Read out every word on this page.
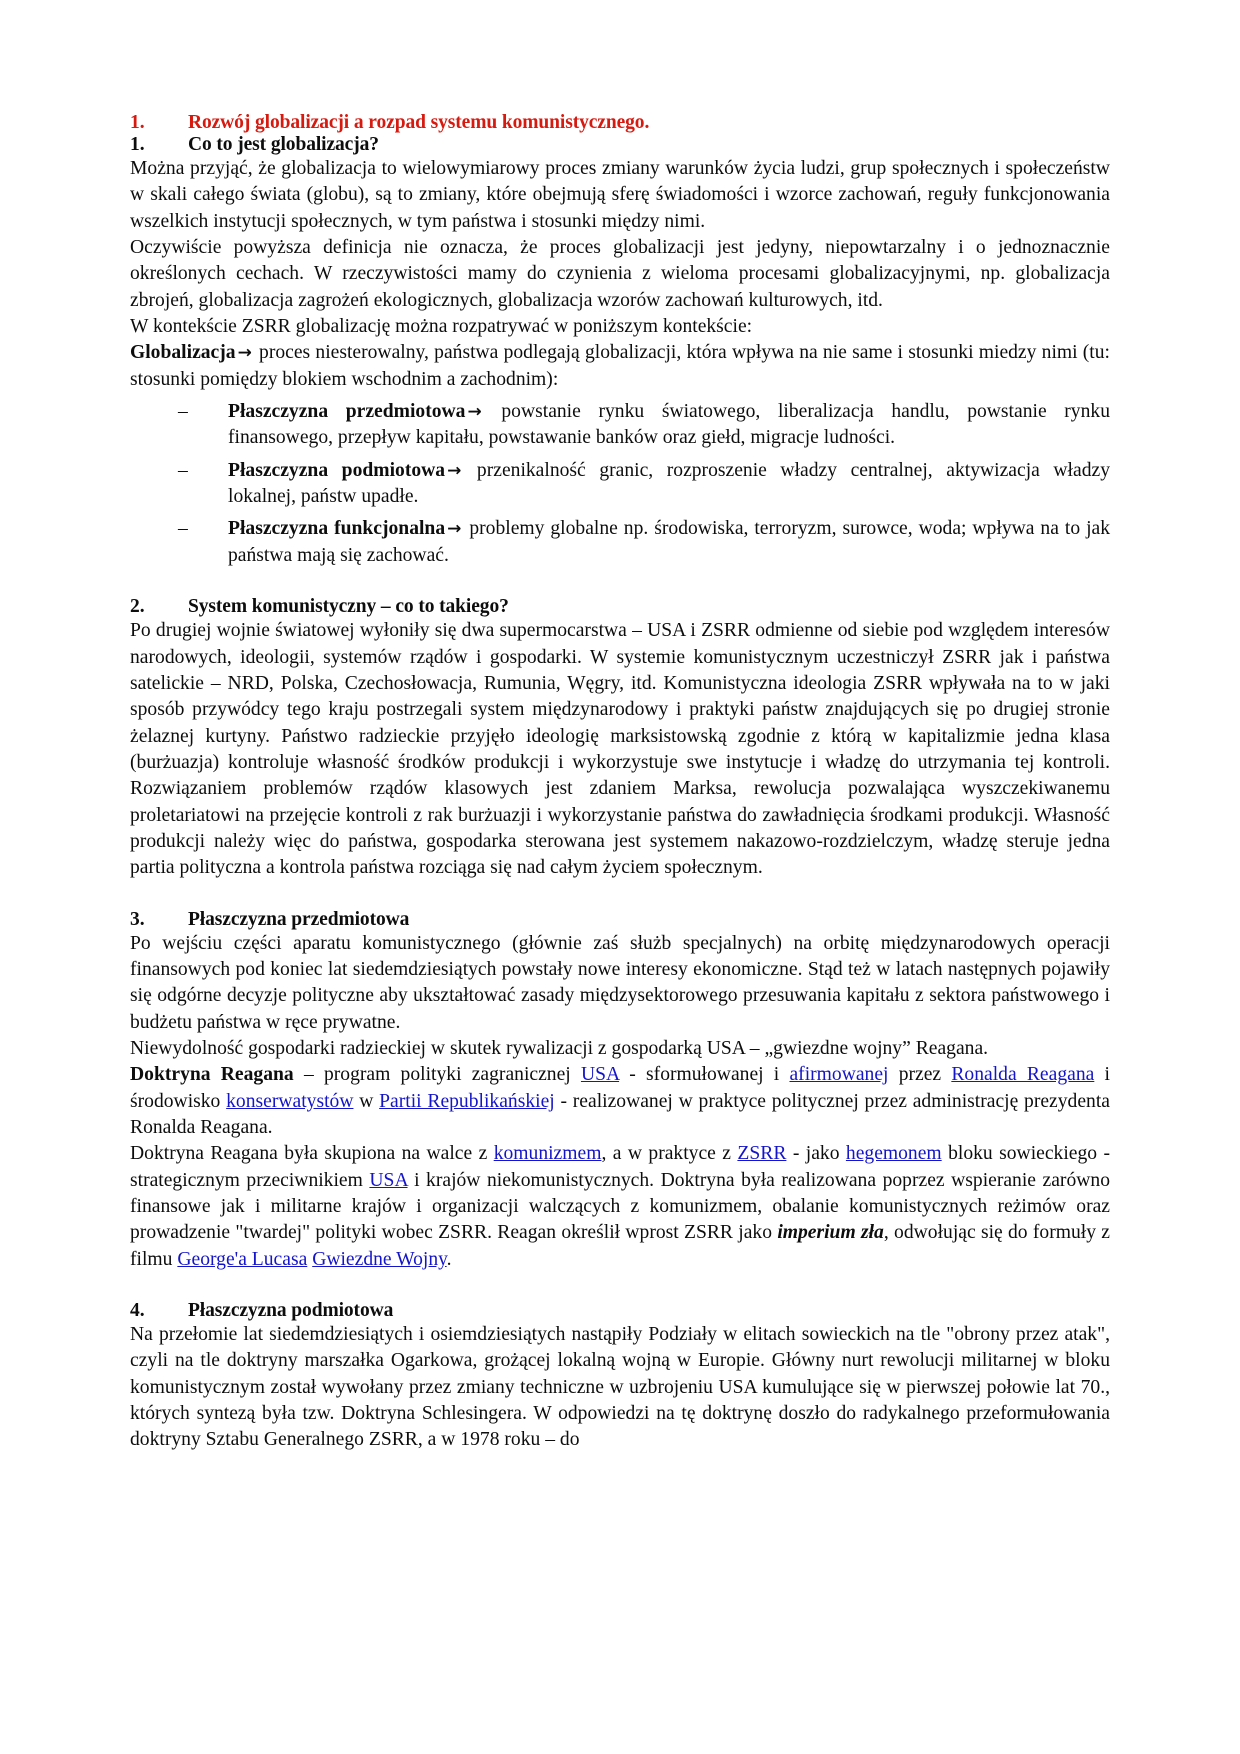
1.	Rozwój globalizacji a rozpad systemu komunistycznego.
1.	Co to jest globalizacja?

Można przyjąć, że globalizacja to wielowymiarowy proces zmiany warunków życia ludzi, grup społecznych i społeczeństw w skali całego świata (globu), są to zmiany, które obejmują sferę świadomości i wzorce zachowań, reguły funkcjonowania wszelkich instytucji społecznych, w tym państwa i stosunki między nimi.

Oczywiście powyższa definicja nie oznacza, że proces globalizacji jest jedyny, niepowtarzalny i o jednoznacznie określonych cechach. W rzeczywistości mamy do czynienia z wieloma procesami globalizacyjnymi, np. globalizacja zbrojeń, globalizacja zagrożeń ekologicznych, globalizacja wzorów zachowań kulturowych, itd.

W kontekście ZSRR globalizację można rozpatrywać w poniższym kontekście:

Globalizacja → proces niesterowalny, państwa podlegają globalizacji, która wpływa na nie same i stosunki miedzy nimi (tu: stosunki pomiędzy blokiem wschodnim a zachodnim):

– Płaszczyzna przedmiotowa → powstanie rynku światowego, liberalizacja handlu, powstanie rynku finansowego, przepływ kapitału, powstawanie banków oraz giełd, migracje ludności.
– Płaszczyzna podmiotowa → przenikalność granic, rozproszenie władzy centralnej, aktywizacja władzy lokalnej, państw upadłe.
– Płaszczyzna funkcjonalna → problemy globalne np. środowiska, terroryzm, surowce, woda; wpływa na to jak państwa mają się zachować.
2.	System komunistyczny – co to takiego?

Po drugiej wojnie światowej wyłoniły się dwa supermocarstwa – USA i ZSRR odmienne od siebie pod względem interesów narodowych, ideologii, systemów rządów i gospodarki. W systemie komunistycznym uczestniczył ZSRR jak i państwa satelickie – NRD, Polska, Czechosłowacja, Rumunia, Węgry, itd. Komunistyczna ideologia ZSRR wpływała na to w jaki sposób przywódcy tego kraju postrzegali system międzynarodowy i praktyki państw znajdujących się po drugiej stronie żelaznej kurtyny. Państwo radzieckie przyjęło ideologię marksistowską zgodnie z którą w kapitalizmie jedna klasa (burżuazja) kontroluje własność środków produkcji i wykorzystuje swe instytucje i władzę do utrzymania tej kontroli. Rozwiązaniem problemów rządów klasowych jest zdaniem Marksa, rewolucja pozwalająca wyszczekiwanemu proletariatowi na przejęcie kontroli z rak burżuazji i wykorzystanie państwa do zawładnięcia środkami produkcji. Własność produkcji należy więc do państwa, gospodarka sterowana jest systemem nakazowo-rozdzielczym, władzę steruje jedna partia polityczna a kontrola państwa rozciąga się nad całym życiem społecznym.

3.	Płaszczyzna przedmiotowa

Po wejściu części aparatu komunistycznego (głównie zaś służb specjalnych) na orbitę międzynarodowych operacji finansowych pod koniec lat siedemdziesiątych powstały nowe interesy ekonomiczne. Stąd też w latach następnych pojawiły się odgórne decyzje polityczne aby ukształtować zasady międzysektorowego przesuwania kapitału z sektora państwowego i budżetu państwa w ręce prywatne.

Niewydolność gospodarki radzieckiej w skutek rywalizacji z gospodarką USA – „gwiezdne wojny” Reagana.

Doktryna Reagana – program polityki zagranicznej USA - sformułowanej i afirmowanej przez Ronalda Reagana i środowisko konserwatystów w Partii Republikańskiej - realizowanej w praktyce politycznej przez administrację prezydenta Ronalda Reagana.

Doktryna Reagana była skupiona na walce z komunizmem, a w praktyce z ZSRR - jako hegemonem bloku sowieckiego - strategicznym przeciwnikiem USA i krajów niekomunistycznych. Doktryna była realizowana poprzez wspieranie zarówno finansowe jak i militarne krajów i organizacji walczących z komunizmem, obalanie komunistycznych reżimów oraz prowadzenie "twardej" polityki wobec ZSRR. Reagan określił wprost ZSRR jako imperium zła, odwołując się do formuły z filmu George'a Lucasa Gwiezdne Wojny.

4.	Płaszczyzna podmiotowa

Na przełomie lat siedemdziesiątych i osiemdziesiątych nastąpiły Podziały w elitach sowieckich na tle "obrony przez atak", czyli na tle doktryny marszałka Ogarkowa, grożącej lokalną wojną w Europie. Główny nurt rewolucji militarnej w bloku komunistycznym został wywołany przez zmiany techniczne w uzbrojeniu USA kumulujące się w pierwszej połowie lat 70., których syntezą była tzw. Doktryna Schlesingera. W odpowiedzi na tę doktrynę doszło do radykalnego przeformułowania doktryny Sztabu Generalnego ZSRR, a w 1978 roku – do
